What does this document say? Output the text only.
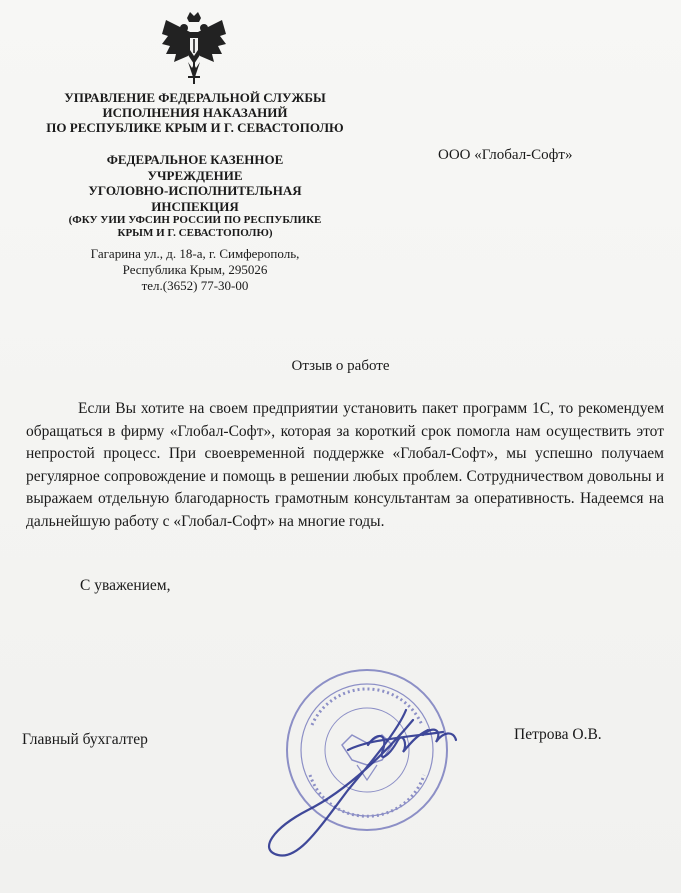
УПРАВЛЕНИЕ ФЕДЕРАЛЬНОЙ СЛУЖБЫ
ИСПОЛНЕНИЯ НАКАЗАНИЙ
ПО РЕСПУБЛИКЕ КРЫМ И Г. СЕВАСТОПОЛЮ
ФЕДЕРАЛЬНОЕ КАЗЕННОЕ
УЧРЕЖДЕНИЕ
УГОЛОВНО-ИСПОЛНИТЕЛЬНАЯ
ИНСПЕКЦИЯ
(ФКУ УИИ УФСИН РОССИИ ПО РЕСПУБЛИКЕ
КРЫМ И Г. СЕВАСТОПОЛЮ)
Гагарина ул., д. 18-а, г. Симферополь,
Республика Крым, 295026
тел.(3652) 77-30-00
ООО «Глобал-Софт»
Отзыв о работе
Если Вы хотите на своем предприятии установить пакет программ 1С, то рекомендуем обращаться в фирму «Глобал-Софт», которая за короткий срок помогла нам осуществить этот непростой процесс. При своевременной поддержке «Глобал-Софт», мы успешно получаем регулярное сопровождение и помощь в решении любых проблем. Сотрудничеством довольны и выражаем отдельную благодарность грамотным консультантам за оперативность. Надеемся на дальнейшую работу с «Глобал-Софт» на многие годы.
С уважением,
Главный бухгалтер	Петрова О.В.
